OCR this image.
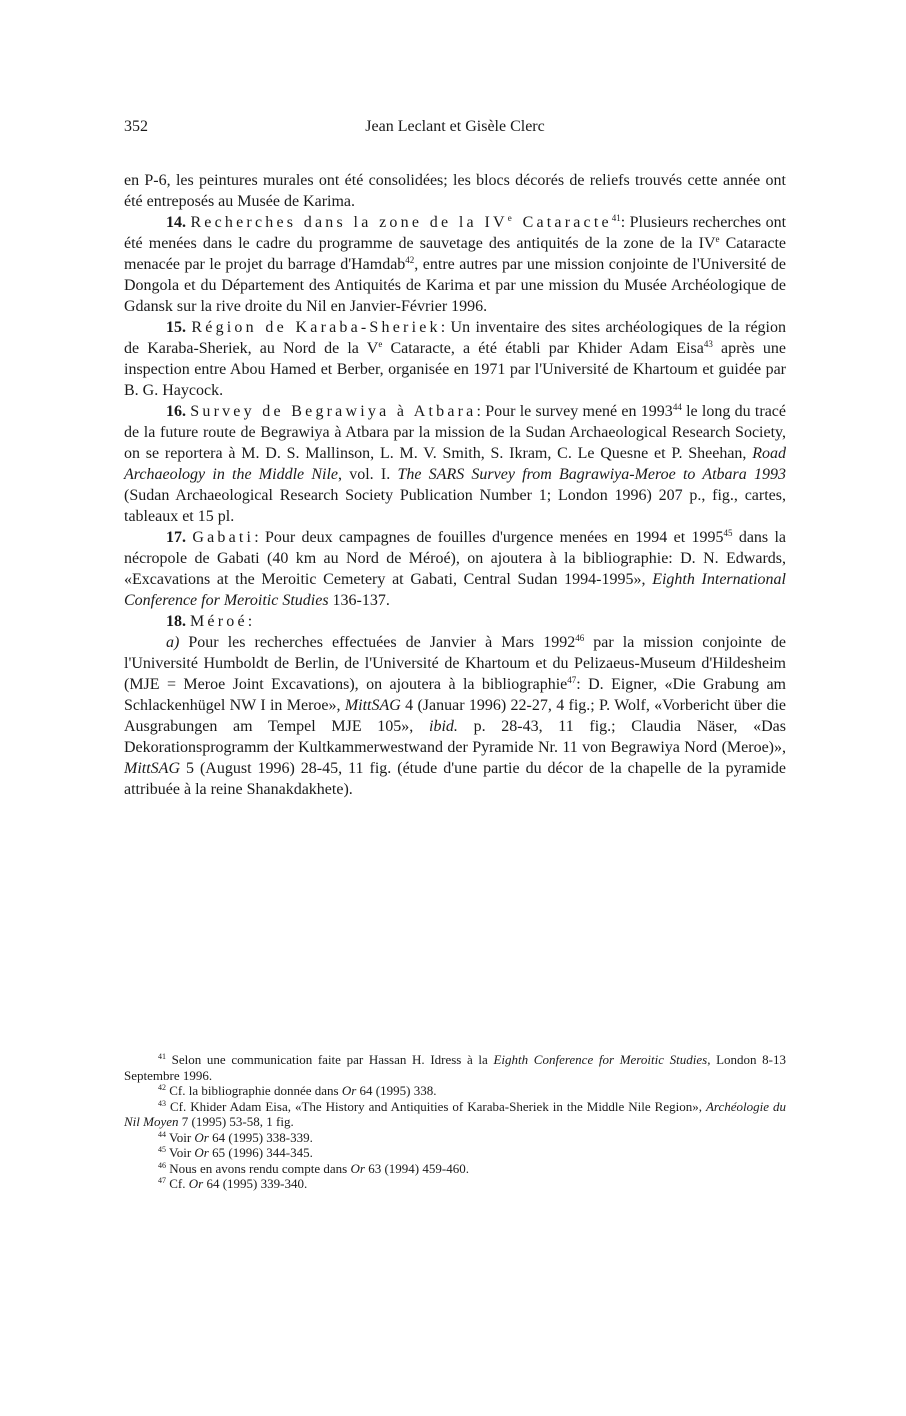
352	Jean Leclant et Gisèle Clerc

en P-6, les peintures murales ont été consolidées; les blocs décorés de reliefs trouvés cette année ont été entreposés au Musée de Karima.

14. Recherches dans la zone de la IVe Cataracte$^{41}$: Plusieurs recherches ont été menées dans le cadre du programme de sauvetage des antiquités de la zone de la IVe Cataracte menacée par le projet du barrage d'Hamdab$^{42}$, entre autres par une mission conjointe de l'Université de Dongola et du Département des Antiquités de Karima et par une mission du Musée Archéologique de Gdansk sur la rive droite du Nil en Janvier-Février 1996.

15. Région de Karaba-Sheriek: Un inventaire des sites archéologiques de la région de Karaba-Sheriek, au Nord de la Ve Cataracte, a été établi par Khider Adam Eisa$^{43}$ après une inspection entre Abou Hamed et Berber, organisée en 1971 par l'Université de Khartoum et guidée par B. G. Haycock.

16. Survey de Begrawiya à Atbara: Pour le survey mené en 1993$^{44}$ le long du tracé de la future route de Begrawiya à Atbara par la mission de la Sudan Archaeological Research Society, on se reportera à M. D. S. Mallinson, L. M. V. Smith, S. Ikram, C. Le Quesne et P. Sheehan, Road Archaeology in the Middle Nile, vol. I. The SARS Survey from Bagrawiya-Meroe to Atbara 1993 (Sudan Archaeological Research Society Publication Number 1; London 1996) 207 p., fig., cartes, tableaux et 15 pl.

17. Gabati: Pour deux campagnes de fouilles d'urgence menées en 1994 et 1995$^{45}$ dans la nécropole de Gabati (40 km au Nord de Méroé), on ajoutera à la bibliographie: D. N. Edwards, «Excavations at the Meroitic Cemetery at Gabati, Central Sudan 1994-1995», Eighth International Conference for Meroitic Studies 136-137.

18. Méroé:

a) Pour les recherches effectuées de Janvier à Mars 1992$^{46}$ par la mission conjointe de l'Université Humboldt de Berlin, de l'Université de Khartoum et du Pelizaeus-Museum d'Hildesheim (MJE = Meroe Joint Excavations), on ajoutera à la bibliographie$^{47}$: D. Eigner, «Die Grabung am Schlackenhügel NW I in Meroe», MittSAG 4 (Januar 1996) 22-27, 4 fig.; P. Wolf, «Vorbericht über die Ausgrabungen am Tempel MJE 105», ibid. p. 28-43, 11 fig.; Claudia Näser, «Das Dekorationsprogramm der Kultkammerwestwand der Pyramide Nr. 11 von Begrawiya Nord (Meroe)», MittSAG 5 (August 1996) 28-45, 11 fig. (étude d'une partie du décor de la chapelle de la pyramide attribuée à la reine Shanakdakhete).

$^{41}$ Selon une communication faite par Hassan H. Idress à la Eighth Conference for Meroitic Studies, London 8-13 Septembre 1996.

$^{42}$ Cf. la bibliographie donnée dans Or 64 (1995) 338.

$^{43}$ Cf. Khider Adam Eisa, «The History and Antiquities of Karaba-Sheriek in the Middle Nile Region», Archéologie du Nil Moyen 7 (1995) 53-58, 1 fig.

$^{44}$ Voir Or 64 (1995) 338-339.

$^{45}$ Voir Or 65 (1996) 344-345.

$^{46}$ Nous en avons rendu compte dans Or 63 (1994) 459-460.

$^{47}$ Cf. Or 64 (1995) 339-340.
